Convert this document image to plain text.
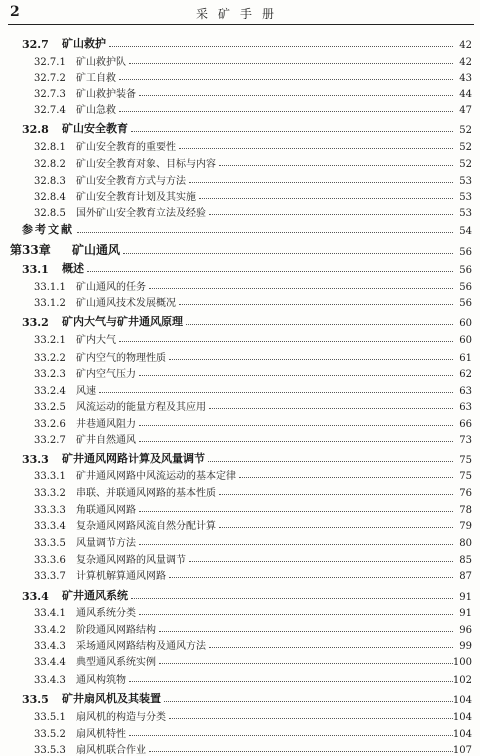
2	采矿手册
32.7	矿山救护	42
32.7.1	矿山救护队	42
32.7.2	矿工自救	43
32.7.3	矿山救护装备	44
32.7.4	矿山急救	47
32.8	矿山安全教育	52
32.8.1	矿山安全教育的重要性	52
32.8.2	矿山安全教育对象、目标与内容	52
32.8.3	矿山安全教育方式与方法	53
32.8.4	矿山安全教育计划及其实施	53
32.8.5	国外矿山安全教育立法及经验	53
参考文献	54
第33章	矿山通风	56
33.1	概述	56
33.1.1	矿山通风的任务	56
33.1.2	矿山通风技术发展概况	56
33.2	矿内大气与矿井通风原理	60
33.2.1	矿内大气	60
33.2.2	矿内空气的物理性质	61
33.2.3	矿内空气压力	62
33.2.4	风速	63
33.2.5	风流运动的能量方程及其应用	63
33.2.6	井巷通风阻力	66
33.2.7	矿井自然通风	73
33.3	矿井通风网路计算及风量调节	75
33.3.1	矿井通风网路中风流运动的基本定律	75
33.3.2	串联、并联通风网路的基本性质	76
33.3.3	角联通风网路	78
33.3.4	复杂通风网路风流自然分配计算	79
33.3.5	风量调节方法	80
33.3.6	复杂通风网路的风量调节	85
33.3.7	计算机解算通风网路	87
33.4	矿井通风系统	91
33.4.1	通风系统分类	91
33.4.2	阶段通风网路结构	96
33.4.3	采场通风网路结构及通风方法	99
33.4.4	典型通风系统实例	100
33.4.3	通风构筑物	102
33.5	矿井扇风机及其装置	104
33.5.1	扇风机的构造与分类	104
33.5.2	扇风机特性	104
33.5.3	扇风机联合作业	107
